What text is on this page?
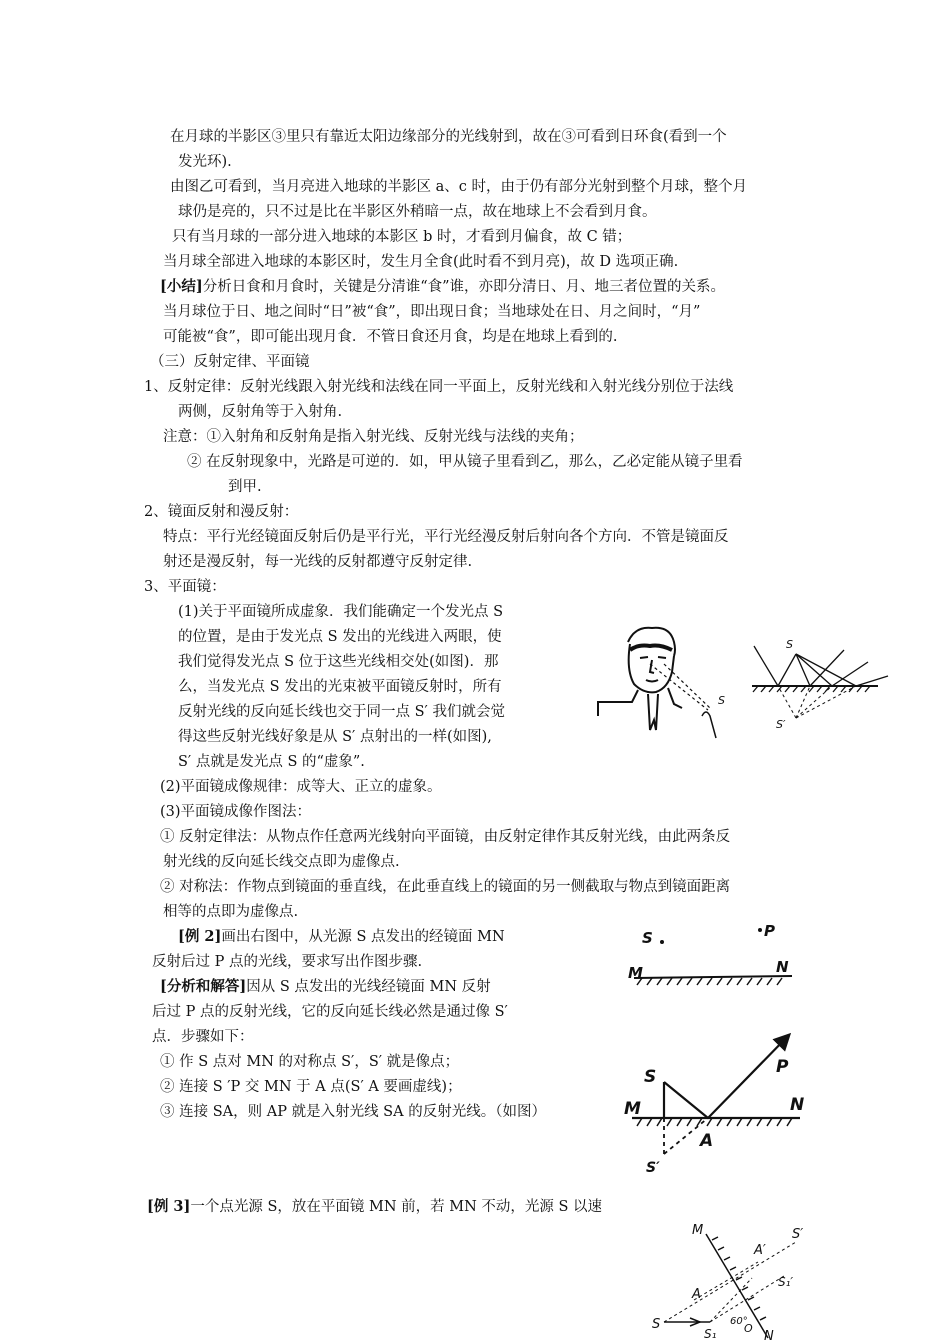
在月球的半影区③里只有靠近太阳边缘部分的光线射到，故在③可看到日环食(看到一个
发光环).
由图乙可看到，当月亮进入地球的半影区 a、c 时，由于仍有部分光射到整个月球，整个月
球仍是亮的，只不过是比在半影区外稍暗一点，故在地球上不会看到月食。
只有当月球的一部分进入地球的本影区 b 时，才看到月偏食，故 C 错；
当月球全部进入地球的本影区时，发生月全食(此时看不到月亮)，故 D 选项正确.
[小结]分析日食和月食时，关键是分清谁“食”谁，亦即分清日、月、地三者位置的关系。
当月球位于日、地之间时“日”被“食”，即出现日食；当地球处在日、月之间时，“月”
可能被“食”，即可能出现月食．不管日食还月食，均是在地球上看到的.
（三）反射定律、平面镜
1、反射定律：反射光线跟入射光线和法线在同一平面上，反射光线和入射光线分别位于法线
两侧，反射角等于入射角.
注意：①入射角和反射角是指入射光线、反射光线与法线的夹角；
② 在反射现象中，光路是可逆的．如，甲从镜子里看到乙，那么，乙必定能从镜子里看
到甲.
2、镜面反射和漫反射：
特点：平行光经镜面反射后仍是平行光，平行光经漫反射后射向各个方向．不管是镜面反
射还是漫反射，每一光线的反射都遵守反射定律.
3、平面镜：
(1)关于平面镜所成虚象．我们能确定一个发光点 S
的位置，是由于发光点 S 发出的光线进入两眼，使
我们觉得发光点 S 位于这些光线相交处(如图)．那
么，当发光点 S 发出的光束被平面镜反射时，所有
反射光线的反向延长线也交于同一点 S′ 我们就会觉
得这些反射光线好象是从 S′ 点射出的一样(如图),
S′ 点就是发光点 S 的“虚象”.
(2)平面镜成像规律：成等大、正立的虚象。
(3)平面镜成像作图法：
① 反射定律法：从物点作任意两光线射向平面镜，由反射定律作其反射光线，由此两条反
射光线的反向延长线交点即为虚像点.
② 对称法：作物点到镜面的垂直线，在此垂直线上的镜面的另一侧截取与物点到镜面距离
相等的点即为虚像点.
[例 2]画出右图中，从光源 S 点发出的经镜面 MN
反射后过 P 点的光线，要求写出作图步骤.
[分析和解答]因从 S 点发出的光线经镜面 MN 反射
后过 P 点的反射光线，它的反向延长线必然是通过像 S′
点．步骤如下：
① 作 S 点对 MN 的对称点 S′，S′ 就是像点；
② 连接 S ′P 交 MN 于 A 点(S′ A 要画虚线)；
③ 连接 SA，则 AP 就是入射光线 SA 的反射光线。（如图）
[例 3]一个点光源 S，放在平面镜 MN 前，若 MN 不动，光源 S 以速
S
S
S′
S	P
M	N
S	P
M	N
A
S′
M
N
S
S′
A
A′
S₁
S₁′
O
60°
